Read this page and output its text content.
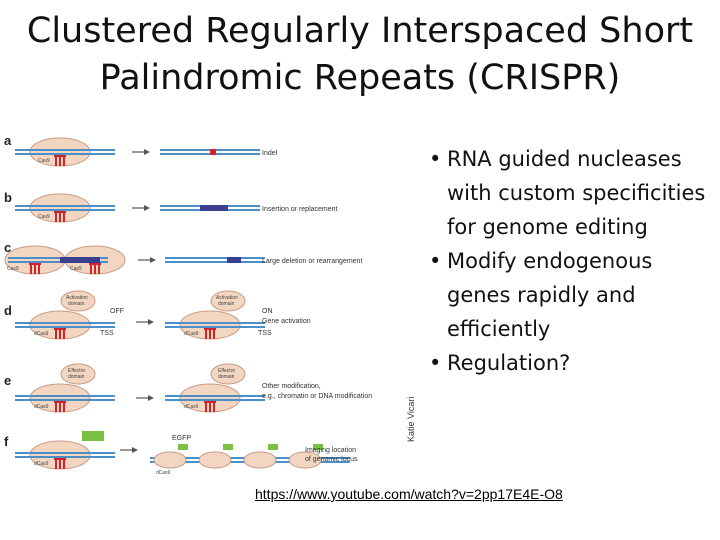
Clustered Regularly Interspaced Short
Palindromic Repeats (CRISPR)
a
Cas9
Indel
b
Cas9
Insertion or replacement
c
Cas9	Cas9
Large deletion or rearrangement
d
Activation
domain
dCas9
OFF
TSS
Activation
domain
dCas9
ON
TSS
Gene activation
e
Effector
domain
dCas9
Effector
domain
dCas9
Other modification,
e.g., chromatin or DNA modification
f
dCas9
dCas9
EGFP
Imaging location
of genomic locus
Katie Vicari
• RNA guided nucleases with custom specificities for genome editing
• Modify endogenous genes rapidly and efficiently
• Regulation?
https://www.youtube.com/watch?v=2pp17E4E-O8
